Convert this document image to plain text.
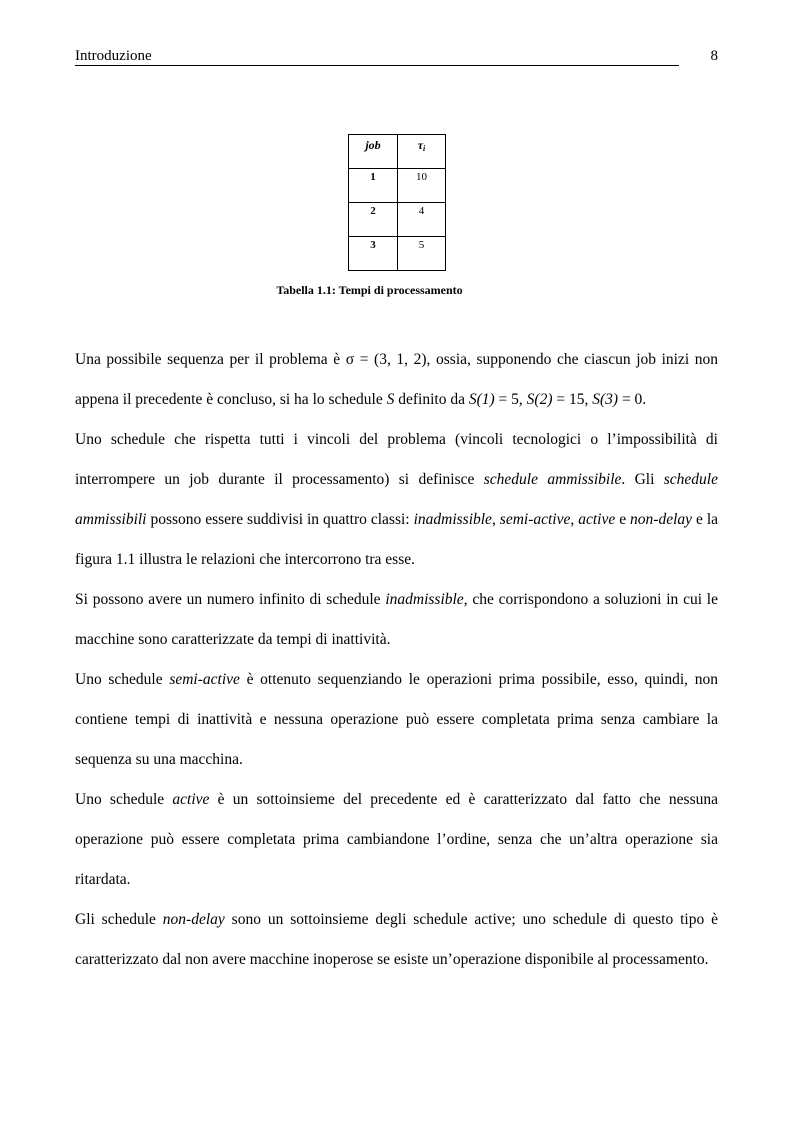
Introduzione	8
job	τi
1	10
2	4
3	5
Tabella 1.1: Tempi di processamento

Una possibile sequenza per il problema è σ = (3, 1, 2), ossia, supponendo che ciascun job inizi non appena il precedente è concluso, si ha lo schedule S definito da S(1) = 5, S(2) = 15, S(3) = 0.

Uno schedule che rispetta tutti i vincoli del problema (vincoli tecnologici o l’impossibilità di interrompere un job durante il processamento) si definisce schedule ammissibile. Gli schedule ammissibili possono essere suddivisi in quattro classi: inadmissible, semi-active, active e non-delay e la figura 1.1 illustra le relazioni che intercorrono tra esse.

Si possono avere un numero infinito di schedule inadmissible, che corrispondono a soluzioni in cui le macchine sono caratterizzate da tempi di inattività.

Uno schedule semi-active è ottenuto sequenziando le operazioni prima possibile, esso, quindi, non contiene tempi di inattività e nessuna operazione può essere completata prima senza cambiare la sequenza su una macchina.

Uno schedule active è un sottoinsieme del precedente ed è caratterizzato dal fatto che nessuna operazione può essere completata prima cambiandone l’ordine, senza che un’altra operazione sia ritardata.

Gli schedule non-delay sono un sottoinsieme degli schedule active; uno schedule di questo tipo è caratterizzato dal non avere macchine inoperose se esiste un’operazione disponibile al processamento.
